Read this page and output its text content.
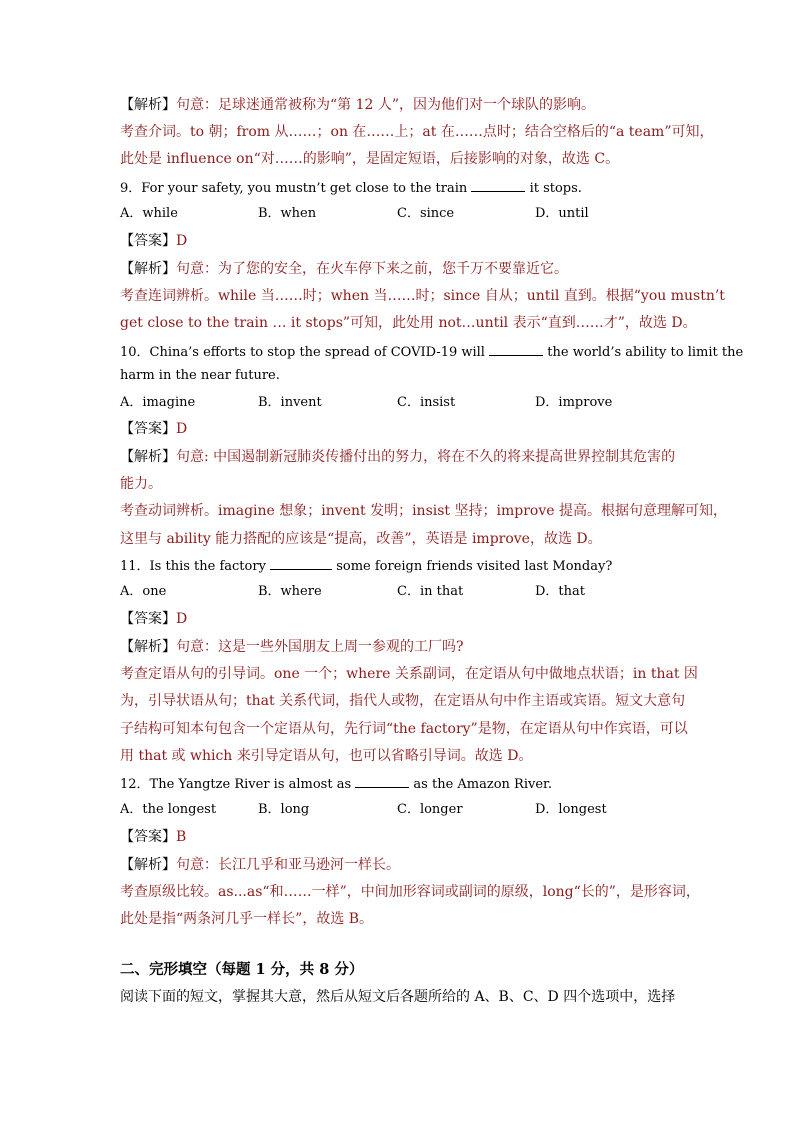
【解析】句意：足球迷通常被称为“第 12 人”，因为他们对一个球队的影响。
考查介词。to 朝；from 从……；on 在……上；at 在……点时；结合空格后的“a team”可知，
此处是 influence on“对……的影响”，是固定短语，后接影响的对象，故选 C。
9．For your safety, you mustn’t get close to the train	it stops.
A．while	B．when	C．since	D．until
【答案】D
【解析】句意：为了您的安全，在火车停下来之前，您千万不要靠近它。
考查连词辨析。while 当……时；when 当……时；since 自从；until 直到。根据“you mustn’t
get close to the train … it stops”可知，此处用 not…until 表示“直到……才”，故选 D。
10．China’s efforts to stop the spread of COVID-19 will	the world’s ability to limit the
harm in the near future.
A．imagine	B．invent	C．insist	D．improve
【答案】D
【解析】句意: 中国遏制新冠肺炎传播付出的努力，将在不久的将来提高世界控制其危害的
能力。
考查动词辨析。imagine 想象；invent 发明；insist 坚持；improve 提高。根据句意理解可知，
这里与 ability 能力搭配的应该是“提高，改善”，英语是 improve，故选 D。
11．Is this the factory	some foreign friends visited last Monday?
A．one	B．where	C．in that	D．that
【答案】D
【解析】句意：这是一些外国朋友上周一参观的工厂吗?
考查定语从句的引导词。one 一个；where 关系副词，在定语从句中做地点状语；in that 因
为，引导状语从句；that 关系代词，指代人或物，在定语从句中作主语或宾语。短文大意句
子结构可知本句包含一个定语从句，先行词“the factory”是物，在定语从句中作宾语，可以
用 that 或 which 来引导定语从句，也可以省略引导词。故选 D。
12．The Yangtze River is almost as	as the Amazon River.
A．the longest	B．long	C．longer	D．longest
【答案】B
【解析】句意：长江几乎和亚马逊河一样长。
考查原级比较。as...as“和……一样”，中间加形容词或副词的原级，long“长的”，是形容词，
此处是指“两条河几乎一样长”，故选 B。
二、完形填空（每题 1 分，共 8 分）
阅读下面的短文，掌握其大意，然后从短文后各题所给的 A、B、C、D 四个选项中，选择
